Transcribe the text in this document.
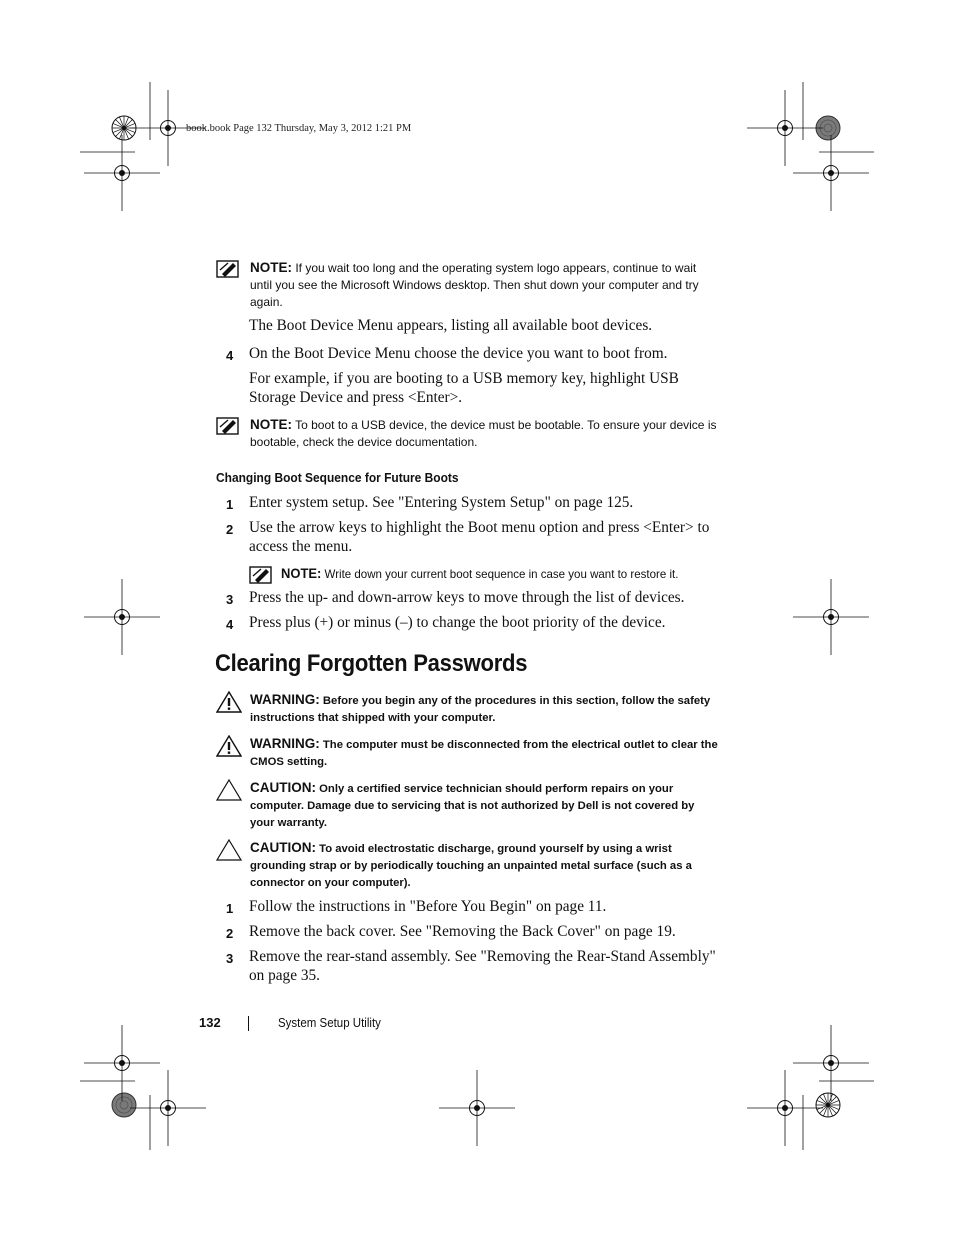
book.book Page 132 Thursday, May 3, 2012 1:21 PM
NOTE: If you wait too long and the operating system logo appears, continue to wait until you see the Microsoft Windows desktop. Then shut down your computer and try again.
The Boot Device Menu appears, listing all available boot devices.
4 On the Boot Device Menu choose the device you want to boot from.
For example, if you are booting to a USB memory key, highlight USB Storage Device and press <Enter>.
NOTE: To boot to a USB device, the device must be bootable. To ensure your device is bootable, check the device documentation.
Changing Boot Sequence for Future Boots
1 Enter system setup. See "Entering System Setup" on page 125.
2 Use the arrow keys to highlight the Boot menu option and press <Enter> to access the menu.
NOTE: Write down your current boot sequence in case you want to restore it.
3 Press the up- and down-arrow keys to move through the list of devices.
4 Press plus (+) or minus (–) to change the boot priority of the device.
Clearing Forgotten Passwords
WARNING: Before you begin any of the procedures in this section, follow the safety instructions that shipped with your computer.
WARNING: The computer must be disconnected from the electrical outlet to clear the CMOS setting.
CAUTION: Only a certified service technician should perform repairs on your computer. Damage due to servicing that is not authorized by Dell is not covered by your warranty.
CAUTION: To avoid electrostatic discharge, ground yourself by using a wrist grounding strap or by periodically touching an unpainted metal surface (such as a connector on your computer).
1 Follow the instructions in "Before You Begin" on page 11.
2 Remove the back cover. See "Removing the Back Cover" on page 19.
3 Remove the rear-stand assembly. See "Removing the Rear-Stand Assembly" on page 35.
132	System Setup Utility
